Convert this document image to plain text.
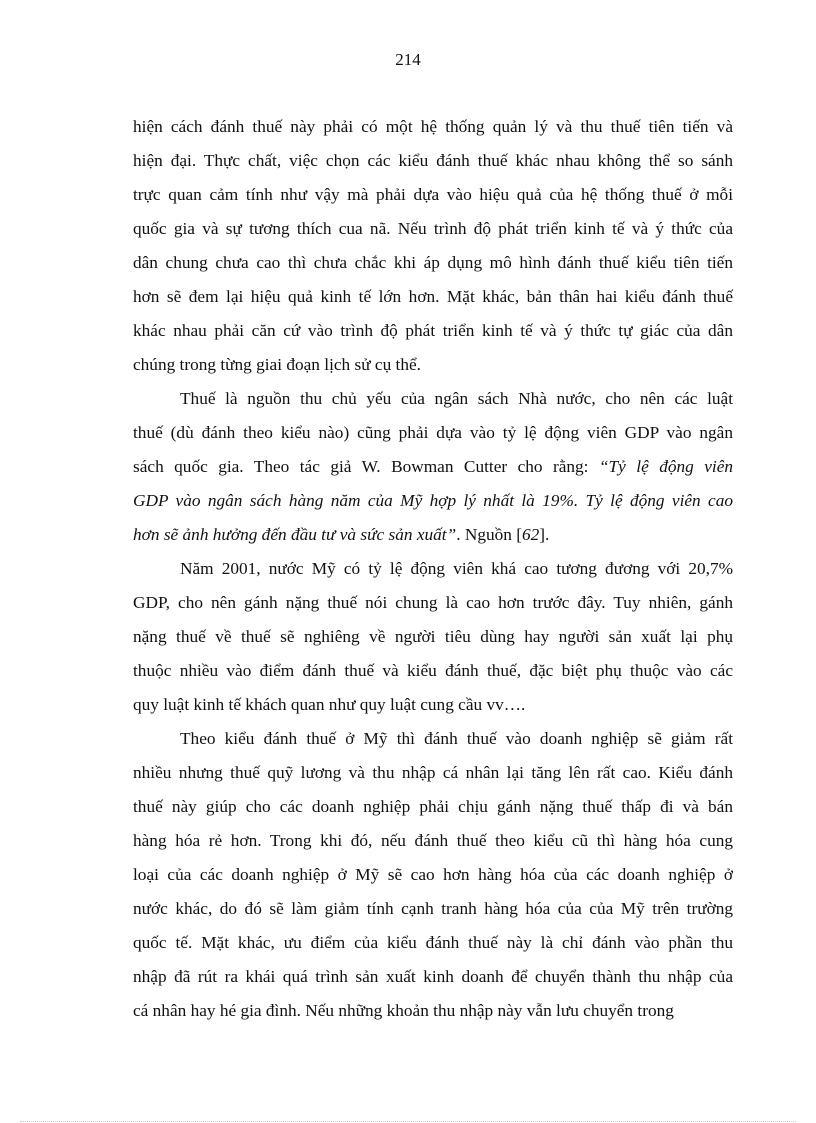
214
hiện cách đánh thuế này phải có một hệ thống quản lý và thu thuế tiên tiến và
hiện đại. Thực chất, việc chọn các kiểu đánh thuế khác nhau không thể so sánh
trực quan cảm tính như vậy mà phải dựa vào hiệu quả của hệ thống thuế ở mỗi
quốc gia và sự tương thích cua nã. Nếu trình độ phát triển kinh tế và ý thức của
dân chung chưa cao thì chưa chắc khi áp dụng mô hình đánh thuế kiểu tiên tiến
hơn sẽ đem lại hiệu quả kinh tế lớn hơn. Mặt khác, bản thân hai kiểu đánh thuế
khác nhau phải căn cứ vào trình độ phát triển kinh tế và ý thức tự giác của dân
chúng trong từng giai đoạn lịch sử cụ thể.
Thuế là nguồn thu chủ yếu của ngân sách Nhà nước, cho nên các luật
thuế (dù đánh theo kiểu nào) cũng phải dựa vào tỷ lệ động viên GDP vào ngân
sách quốc gia. Theo tác giả W. Bowman Cutter cho rằng: “Tỷ lệ động viên
GDP vào ngân sách hàng năm của Mỹ hợp lý nhất là 19%. Tỷ lệ động viên cao
hơn sẽ ảnh hưởng đến đầu tư và sức sản xuất”. Nguồn [62].
Năm 2001, nước Mỹ có tỷ lệ động viên khá cao tương đương với 20,7%
GDP, cho nên gánh nặng thuế nói chung là cao hơn trước đây. Tuy nhiên, gánh
nặng thuế về thuế sẽ nghiêng về người tiêu dùng hay người sản xuất lại phụ
thuộc nhiều vào điểm đánh thuế và kiểu đánh thuế, đặc biệt phụ thuộc vào các
quy luật kinh tế khách quan như quy luật cung cầu vv….
Theo kiểu đánh thuế ở Mỹ thì đánh thuế vào doanh nghiệp sẽ giảm rất
nhiều nhưng thuế quỹ lương và thu nhập cá nhân lại tăng lên rất cao. Kiểu đánh
thuế này giúp cho các doanh nghiệp phải chịu gánh nặng thuế thấp đi và bán
hàng hóa rẻ hơn. Trong khi đó, nếu đánh thuế theo kiểu cũ thì hàng hóa cung
loại của các doanh nghiệp ở Mỹ sẽ cao hơn hàng hóa của các doanh nghiệp ở
nước khác, do đó sẽ làm giảm tính cạnh tranh hàng hóa của của Mỹ trên trường
quốc tế. Mặt khác, ưu điểm của kiểu đánh thuế này là chỉ đánh vào phần thu
nhập đã rút ra khái quá trình sản xuất kinh doanh để chuyển thành thu nhập của
cá nhân hay hé gia đình. Nếu những khoản thu nhập này vẫn lưu chuyển trong
